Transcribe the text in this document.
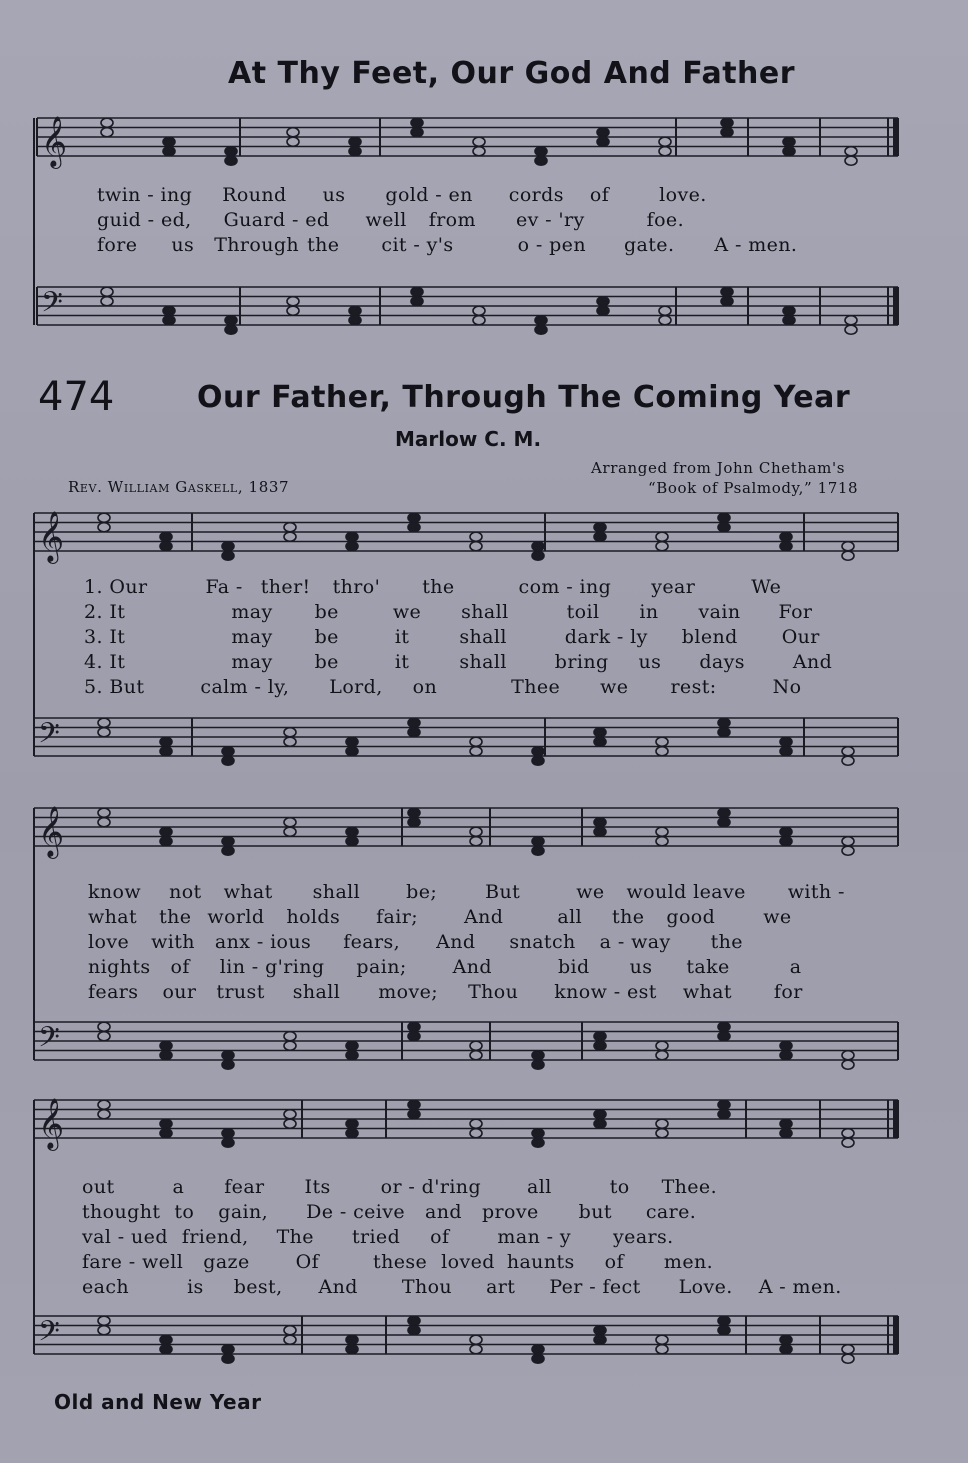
At Thy Feet, Our God And Father
𝄞
𝄢
𝄞
𝄢
𝄞
𝄢
𝄞
𝄢
twin - ing Round us gold - en cords of	love.
guid - ed, Guard - ed well from ev - 'ry	foe.
fore us Through the cit - y's	o - pen gate. A - men.
474	Our Father, Through The Coming Year
Marlow C. M.
Arranged from John Chetham's
Rev. William Gaskell, 1837	“Book of Psalmody,” 1718
1. Our	Fa - ther! thro' the	com - ing year	We
2. It	may be	we shall	toil in vain For
3. It	may be	it	shall	dark - ly blend Our
4. It	may be	it	shall	bring us days	And
5. But	calm - ly, Lord, on	Thee we rest:	No
know not what shall be;	But	we would leave with -
what the world holds fair; And	all the good	we
love with anx - ious fears, And snatch a - way the
nights of lin - g'ring pain; And	bid us take	a
fears our trust shall move; Thou know - est what for
out	a fear Its	or - d'ring all	to Thee.
thought to gain, De - ceive and prove but care.
val - ued friend, The tried of	man - y years.
fare - well gaze Of	these loved haunts of men.
each	is best, And Thou art Per - fect Love. A - men.
Old and New Year
